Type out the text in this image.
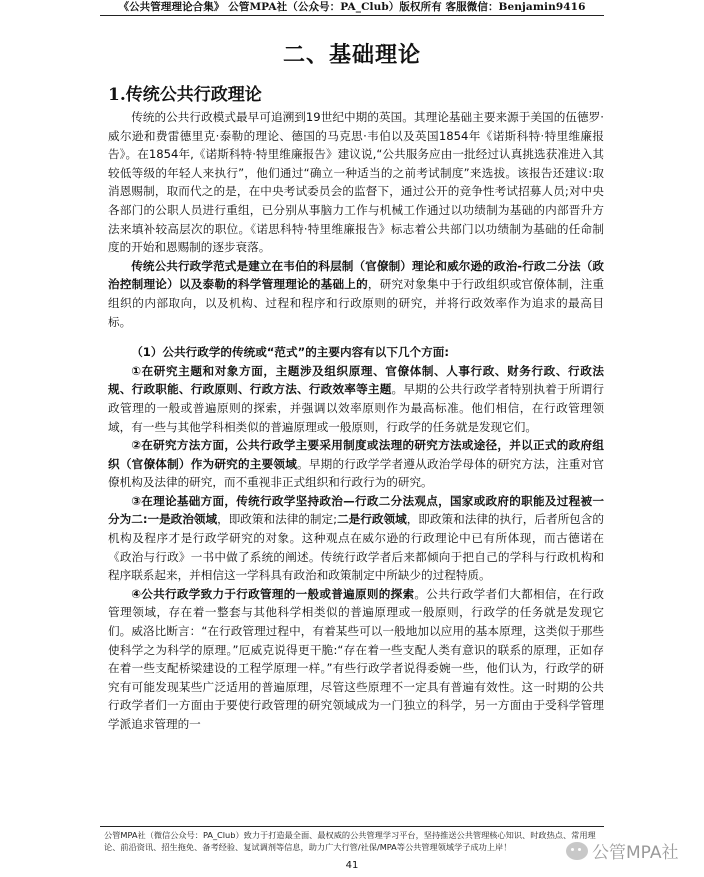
《公共管理理论合集》 公管MPA社（公众号：PA_Club）版权所有 客服微信：Benjamin9416
二、基础理论
1.传统公共行政理论

传统的公共行政模式最早可追溯到19世纪中期的英国。其理论基础主要来源于美国的伍德罗·威尔逊和费雷德里克·泰勒的理论、德国的马克思·韦伯以及英国1854年《诺斯科特·特里维廉报告》。在1854年,《诺斯科特·特里维廉报告》建议说,“公共服务应由一批经过认真挑选获准进入其较低等级的年轻人来执行”，他们通过“确立一种适当的之前考试制度”来选拔。该报告还建议:取消恩赐制，取而代之的是，在中央考试委员会的监督下，通过公开的竞争性考试招募人员;对中央各部门的公职人员进行重组，已分别从事脑力工作与机械工作通过以功绩制为基础的内部晋升方法来填补较高层次的职位。《诺思科特·特里维廉报告》标志着公共部门以功绩制为基础的任命制度的开始和恩赐制的逐步衰落。

传统公共行政学范式是建立在韦伯的科层制（官僚制）理论和威尔逊的政治-行政二分法（政治控制理论）以及泰勒的科学管理理论的基础上的，研究对象集中于行政组织或官僚体制，注重组织的内部取向，以及机构、过程和程序和行政原则的研究，并将行政效率作为追求的最高目标。

（1）公共行政学的传统或“范式”的主要内容有以下几个方面:

①在研究主题和对象方面，主题涉及组织原理、官僚体制、人事行政、财务行政、行政法规、行政职能、行政原则、行政方法、行政效率等主题。早期的公共行政学者特别执着于所谓行政管理的一般或普遍原则的探索，并强调以效率原则作为最高标准。他们相信，在行政管理领域，有一些与其他学科相类似的普遍原理或一般原则，行政学的任务就是发现它们。

②在研究方法方面，公共行政学主要采用制度或法理的研究方法或途径，并以正式的政府组织（官僚体制）作为研究的主要领域。早期的行政学学者遵从政治学母体的研究方法，注重对官僚机构及法律的研究，而不重视非正式组织和行政行为的研究。

③在理论基础方面，传统行政学坚持政治—行政二分法观点，国家或政府的职能及过程被一分为二:一是政治领域，即政策和法律的制定;二是行政领域，即政策和法律的执行，后者所包含的机构及程序才是行政学研究的对象。这种观点在威尔逊的行政理论中已有所体现，而古德诺在《政治与行政》一书中做了系统的阐述。传统行政学者后来都倾向于把自己的学科与行政机构和程序联系起来，并相信这一学科具有政治和政策制定中所缺少的过程特质。

④公共行政学致力于行政管理的一般或普遍原则的探索。公共行政学者们大都相信，在行政管理领域，存在着一整套与其他科学相类似的普遍原理或一般原则，行政学的任务就是发现它们。威洛比断言：“在行政管理过程中，有着某些可以一般地加以应用的基本原理，这类似于那些使科学之为科学的原理。”厄威克说得更干脆:“存在着一些支配人类有意识的联系的原理，正如存在着一些支配桥梁建设的工程学原理一样。”有些行政学者说得委婉一些，他们认为，行政学的研究有可能发现某些广泛适用的普遍原理，尽管这些原理不一定具有普遍有效性。这一时期的公共行政学者们一方面由于要使行政管理的研究领域成为一门独立的科学，另一方面由于受科学管理学派追求管理的一

公管MPA社（微信公众号：PA_Club）致力于打造最全面、最权威的公共管理学习平台，坚持推送公共管理核心知识、时政热点、常用理论、前沿资讯、招生拖免、备考经验、复试调剂等信息，助力广大行管/社保/MPA等公共管理领域学子成功上岸！
41
公管MPA社
